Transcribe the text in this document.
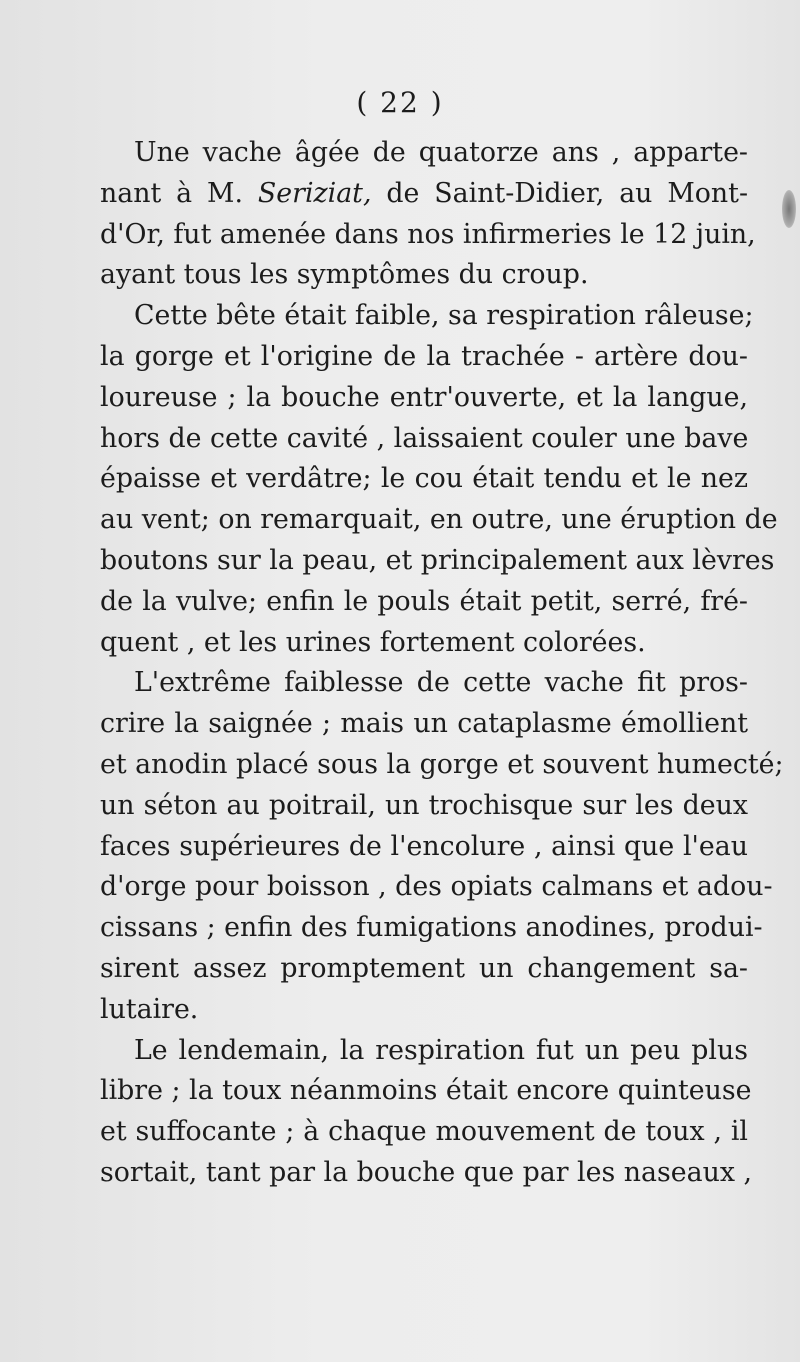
( 22 )
Une vache âgée de quatorze ans , apparte-
nant à M. Seriziat, de Saint-Didier, au Mont-
d'Or, fut amenée dans nos infirmeries le 12 juin,
ayant tous les symptômes du croup.
Cette bête était faible, sa respiration râleuse;
la gorge et l'origine de la trachée - artère dou-
loureuse ; la bouche entr'ouverte, et la langue,
hors de cette cavité , laissaient couler une bave
épaisse et verdâtre; le cou était tendu et le nez
au vent; on remarquait, en outre, une éruption de
boutons sur la peau, et principalement aux lèvres
de la vulve; enfin le pouls était petit, serré, fré-
quent , et les urines fortement colorées.
L'extrême faiblesse de cette vache fit pros-
crire la saignée ; mais un cataplasme émollient
et anodin placé sous la gorge et souvent humecté;
un séton au poitrail, un trochisque sur les deux
faces supérieures de l'encolure , ainsi que l'eau
d'orge pour boisson , des opiats calmans et adou-
cissans ; enfin des fumigations anodines, produi-
sirent assez promptement un changement sa-
lutaire.
Le lendemain, la respiration fut un peu plus
libre ; la toux néanmoins était encore quinteuse
et suffocante ; à chaque mouvement de toux , il
sortait, tant par la bouche que par les naseaux ,
